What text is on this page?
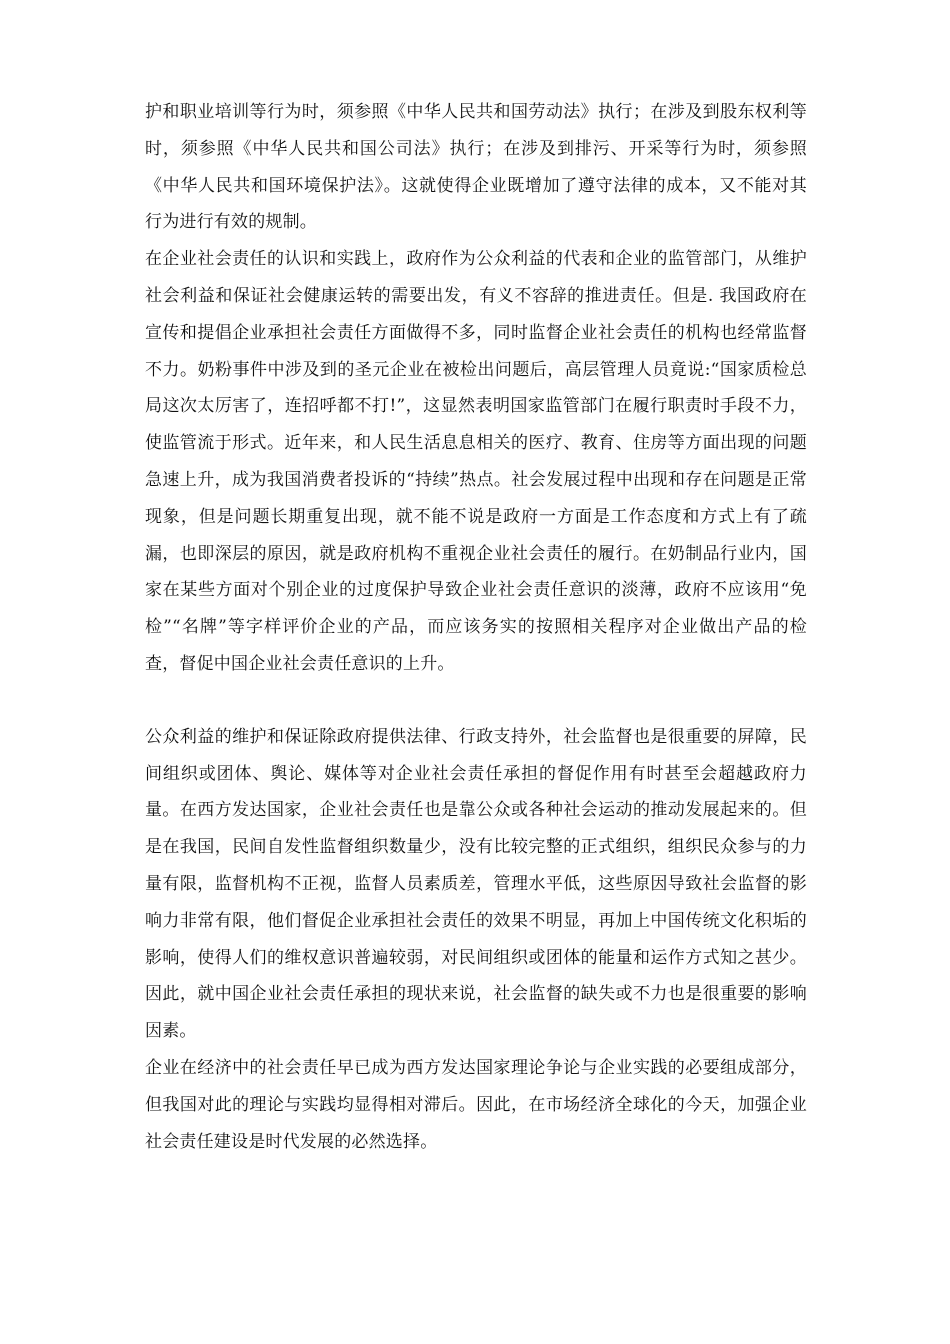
护和职业培训等行为时，须参照《中华人民共和国劳动法》执行；在涉及到股东权利等时，须参照《中华人民共和国公司法》执行；在涉及到排污、开采等行为时，须参照《中华人民共和国环境保护法》。这就使得企业既增加了遵守法律的成本，又不能对其行为进行有效的规制。

在企业社会责任的认识和实践上，政府作为公众利益的代表和企业的监管部门，从维护社会利益和保证社会健康运转的需要出发，有义不容辞的推进责任。但是. 我国政府在宣传和提倡企业承担社会责任方面做得不多，同时监督企业社会责任的机构也经常监督不力。奶粉事件中涉及到的圣元企业在被检出问题后，高层管理人员竟说:“国家质检总局这次太厉害了，连招呼都不打!”，这显然表明国家监管部门在履行职责时手段不力，使监管流于形式。近年来，和人民生活息息相关的医疗、教育、住房等方面出现的问题急速上升，成为我国消费者投诉的“持续”热点。社会发展过程中出现和存在问题是正常现象，但是问题长期重复出现，就不能不说是政府一方面是工作态度和方式上有了疏漏，也即深层的原因，就是政府机构不重视企业社会责任的履行。在奶制品行业内，国家在某些方面对个别企业的过度保护导致企业社会责任意识的淡薄，政府不应该用“免检”“名牌”等字样评价企业的产品，而应该务实的按照相关程序对企业做出产品的检查，督促中国企业社会责任意识的上升。

公众利益的维护和保证除政府提供法律、行政支持外，社会监督也是很重要的屏障，民间组织或团体、舆论、媒体等对企业社会责任承担的督促作用有时甚至会超越政府力量。在西方发达国家，企业社会责任也是靠公众或各种社会运动的推动发展起来的。但是在我国，民间自发性监督组织数量少，没有比较完整的正式组织，组织民众参与的力量有限，监督机构不正视，监督人员素质差，管理水平低，这些原因导致社会监督的影响力非常有限，他们督促企业承担社会责任的效果不明显，再加上中国传统文化积垢的影响，使得人们的维权意识普遍较弱，对民间组织或团体的能量和运作方式知之甚少。因此，就中国企业社会责任承担的现状来说，社会监督的缺失或不力也是很重要的影响因素。

企业在经济中的社会责任早已成为西方发达国家理论争论与企业实践的必要组成部分，但我国对此的理论与实践均显得相对滞后。因此，在市场经济全球化的今天，加强企业社会责任建设是时代发展的必然选择。
